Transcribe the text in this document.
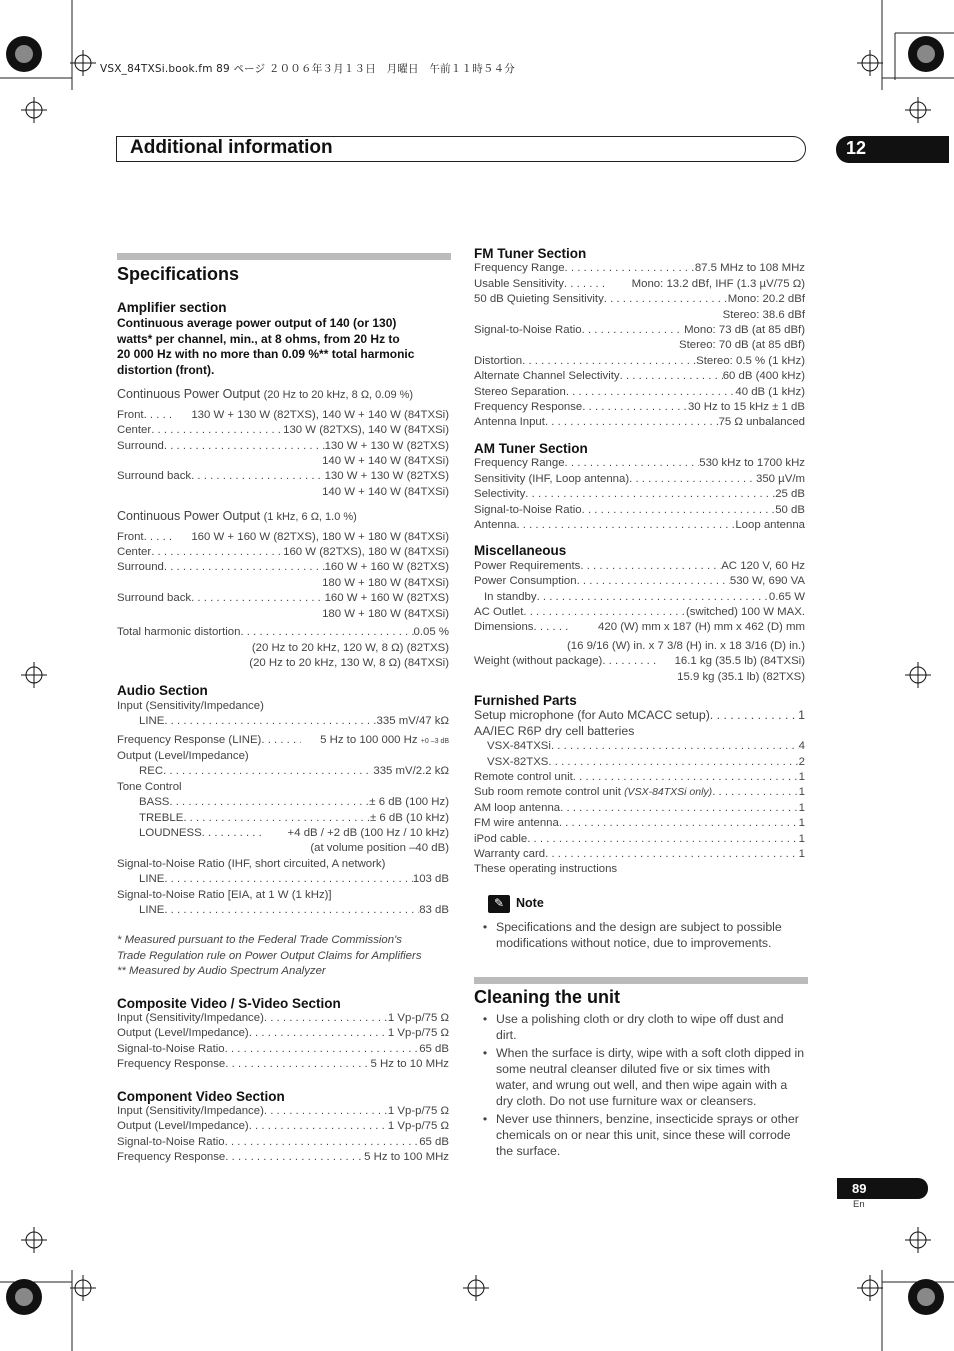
VSX_84TXSi.book.fm 89 ページ ２００６年３月１３日　月曜日　午前１１時５４分
Additional information	12
Specifications
Amplifier section
Continuous average power output of 140 (or 130)
watts* per channel, min., at 8 ohms, from 20 Hz to
20 000 Hz with no more than 0.09 %** total harmonic
distortion (front).
Continuous Power Output (20 Hz to 20 kHz, 8 Ω, 0.09 %)
Front . . .	130 W + 130 W (82TXS), 140 W + 140 W (84TXSi)
Center . . .	130 W (82TXS), 140 W (84TXSi)
Surround . . .	130 W + 130 W (82TXS)
140 W + 140 W (84TXSi)
Surround back . . .	130 W + 130 W (82TXS)
140 W + 140 W (84TXSi)
Continuous Power Output (1 kHz, 6 Ω, 1.0 %)
Front . . .	160 W + 160 W (82TXS), 180 W + 180 W (84TXSi)
Center . . .	160 W (82TXS), 180 W (84TXSi)
Surround . . .	160 W + 160 W (82TXS)
180 W + 180 W (84TXSi)
Surround back . . .	160 W + 160 W (82TXS)
180 W + 180 W (84TXSi)
Total harmonic distortion . . .	0.05 %
(20 Hz to 20 kHz, 120 W, 8 Ω) (82TXS)
(20 Hz to 20 kHz, 130 W, 8 Ω) (84TXSi)
Audio Section
Input (Sensitivity/Impedance)
LINE . . .	335 mV/47 kΩ
Frequency Response (LINE) . . .	5 Hz to 100 000 Hz +0 –3 dB
Output (Level/Impedance)
REC . . .	335 mV/2.2 kΩ
Tone Control
BASS . . .	± 6 dB (100 Hz)
TREBLE . . .	± 6 dB (10 kHz)
LOUDNESS . . .	+4 dB / +2 dB (100 Hz / 10 kHz)
(at volume position –40 dB)
Signal-to-Noise Ratio (IHF, short circuited, A network)
LINE . . .	103 dB
Signal-to-Noise Ratio [EIA, at 1 W (1 kHz)]
LINE . . .	83 dB
* Measured pursuant to the Federal Trade Commission's
Trade Regulation rule on Power Output Claims for Amplifiers
** Measured by Audio Spectrum Analyzer
Composite Video / S-Video Section
Input (Sensitivity/Impedance) . . .	1 Vp-p/75 Ω
Output (Level/Impedance) . . .	1 Vp-p/75 Ω
Signal-to-Noise Ratio . . .	65 dB
Frequency Response . . .	5 Hz to 10 MHz
Component Video Section
Input (Sensitivity/Impedance) . . .	1 Vp-p/75 Ω
Output (Level/Impedance) . . .	1 Vp-p/75 Ω
Signal-to-Noise Ratio . . .	65 dB
Frequency Response . . .	5 Hz to 100 MHz
FM Tuner Section
Frequency Range . . .	87.5 MHz to 108 MHz
Usable Sensitivity . . .	Mono: 13.2 dBf, IHF (1.3 µV/75 Ω)
50 dB Quieting Sensitivity . . .	Mono: 20.2 dBf
Stereo: 38.6 dBf
Signal-to-Noise Ratio . . .	Mono: 73 dB (at 85 dBf)
Stereo: 70 dB (at 85 dBf)
Distortion . . .	Stereo: 0.5 % (1 kHz)
Alternate Channel Selectivity . . .	60 dB (400 kHz)
Stereo Separation . . .	40 dB (1 kHz)
Frequency Response . . .	30 Hz to 15 kHz ± 1 dB
Antenna Input . . .	75 Ω unbalanced
AM Tuner Section
Frequency Range . . .	530 kHz to 1700 kHz
Sensitivity (IHF, Loop antenna) . . .	350 µV/m
Selectivity . . .	25 dB
Signal-to-Noise Ratio . . .	50 dB
Antenna . . .	Loop antenna
Miscellaneous
Power Requirements . . .	AC 120 V, 60 Hz
Power Consumption . . .	530 W, 690 VA
In standby . . .	0.65 W
AC Outlet . . .	(switched) 100 W MAX.
Dimensions . . .	420 (W) mm x 187 (H) mm x 462 (D) mm
(16 9/16 (W) in. x 7 3/8 (H) in. x 18 3/16 (D) in.)
Weight (without package) . . .	16.1 kg (35.5 lb) (84TXSi)
15.9 kg (35.1 lb) (82TXS)
Furnished Parts
Setup microphone (for Auto MCACC setup) . . .	1
AA/IEC R6P dry cell batteries
VSX-84TXSi . . .	4
VSX-82TXS . . .	2
Remote control unit . . .	1
Sub room remote control unit (VSX-84TXSi only) . . .	1
AM loop antenna . . .	1
FM wire antenna . . .	1
iPod cable . . .	1
Warranty card . . .	1
These operating instructions
✎ Note
• Specifications and the design are subject to possible modifications without notice, due to improvements.
Cleaning the unit
• Use a polishing cloth or dry cloth to wipe off dust and dirt.
• When the surface is dirty, wipe with a soft cloth dipped in some neutral cleanser diluted five or six times with water, and wrung out well, and then wipe again with a dry cloth. Do not use furniture wax or cleansers.
• Never use thinners, benzine, insecticide sprays or other chemicals on or near this unit, since these will corrode the surface.
89
En
